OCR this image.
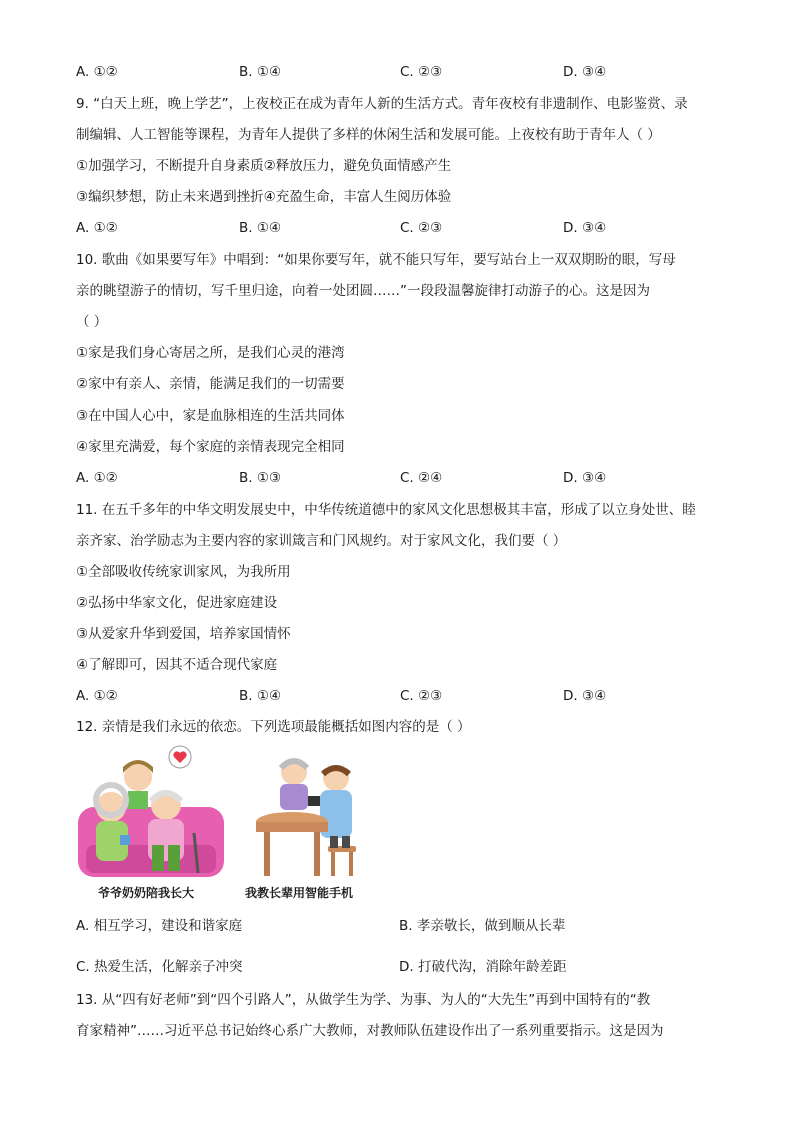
A. ①②	B. ①④	C. ②③	D. ③④
9. “白天上班，晚上学艺”，上夜校正在成为青年人新的生活方式。青年夜校有非遗制作、电影鉴赏、录
制编辑、人工智能等课程，为青年人提供了多样的休闲生活和发展可能。上夜校有助于青年人（ ）
①加强学习，不断提升自身素质②释放压力，避免负面情感产生
③编织梦想，防止未来遇到挫折④充盈生命，丰富人生阅历体验
A. ①②	B. ①④	C. ②③	D. ③④
10. 歌曲《如果要写年》中唱到：“如果你要写年，就不能只写年，要写站台上一双双期盼的眼，写母
亲的眺望游子的情切，写千里归途，向着一处团圆……”一段段温馨旋律打动游子的心。这是因为
（ ）
①家是我们身心寄居之所，是我们心灵的港湾
②家中有亲人、亲情，能满足我们的一切需要
③在中国人心中，家是血脉相连的生活共同体
④家里充满爱，每个家庭的亲情表现完全相同
A. ①②	B. ①③	C. ②④	D. ③④
11. 在五千多年的中华文明发展史中，中华传统道德中的家风文化思想极其丰富，形成了以立身处世、睦
亲齐家、治学励志为主要内容的家训箴言和门风规约。对于家风文化，我们要（ ）
①全部吸收传统家训家风，为我所用
②弘扬中华家文化，促进家庭建设
③从爱家升华到爱国，培养家国情怀
④了解即可，因其不适合现代家庭
A. ①②	B. ①④	C. ②③	D. ③④
12. 亲情是我们永远的依恋。下列选项最能概括如图内容的是（ ）
爷爷奶奶陪我长大	我教长辈用智能手机
A. 相互学习，建设和谐家庭	B. 孝亲敬长，做到顺从长辈
C. 热爱生活，化解亲子冲突	D. 打破代沟，消除年龄差距
13. 从“四有好老师”到“四个引路人”，从做学生为学、为事、为人的“大先生”再到中国特有的“教
育家精神”……习近平总书记始终心系广大教师，对教师队伍建设作出了一系列重要指示。这是因为
